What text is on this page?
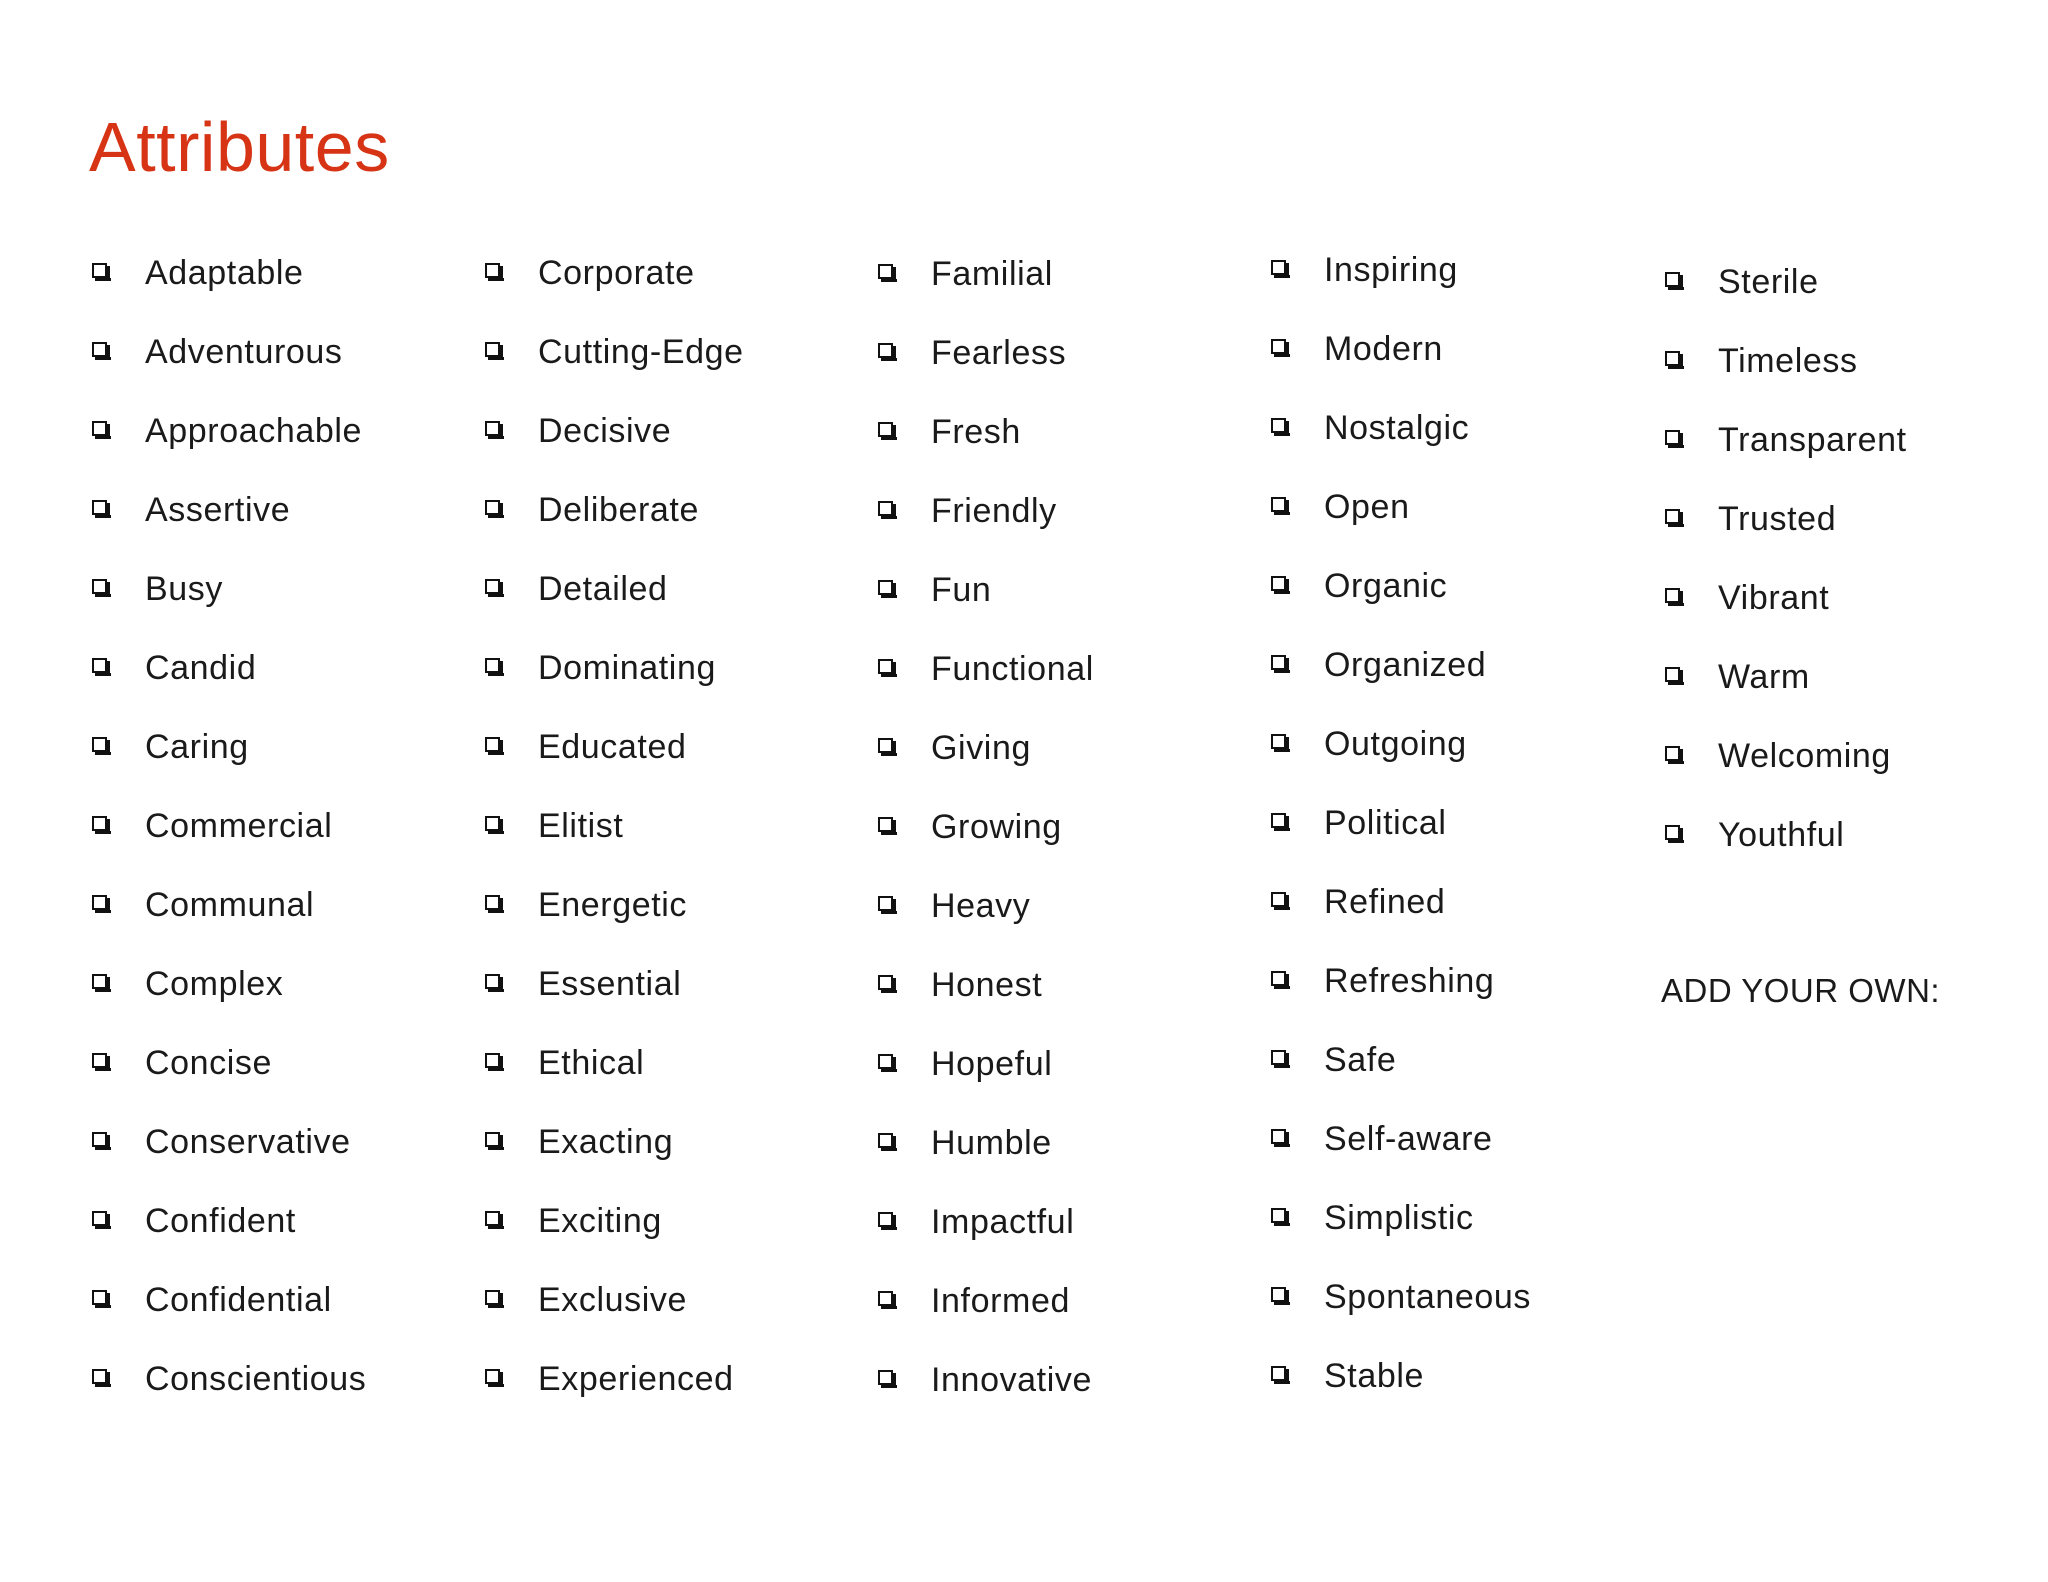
Attributes
Adaptable
Adventurous
Approachable
Assertive
Busy
Candid
Caring
Commercial
Communal
Complex
Concise
Conservative
Confident
Confidential
Conscientious
Corporate
Cutting-Edge
Decisive
Deliberate
Detailed
Dominating
Educated
Elitist
Energetic
Essential
Ethical
Exacting
Exciting
Exclusive
Experienced
Familial
Fearless
Fresh
Friendly
Fun
Functional
Giving
Growing
Heavy
Honest
Hopeful
Humble
Impactful
Informed
Innovative
Inspiring
Modern
Nostalgic
Open
Organic
Organized
Outgoing
Political
Refined
Refreshing
Safe
Self-aware
Simplistic
Spontaneous
Stable
Sterile
Timeless
Transparent
Trusted
Vibrant
Warm
Welcoming
Youthful
ADD YOUR OWN:
